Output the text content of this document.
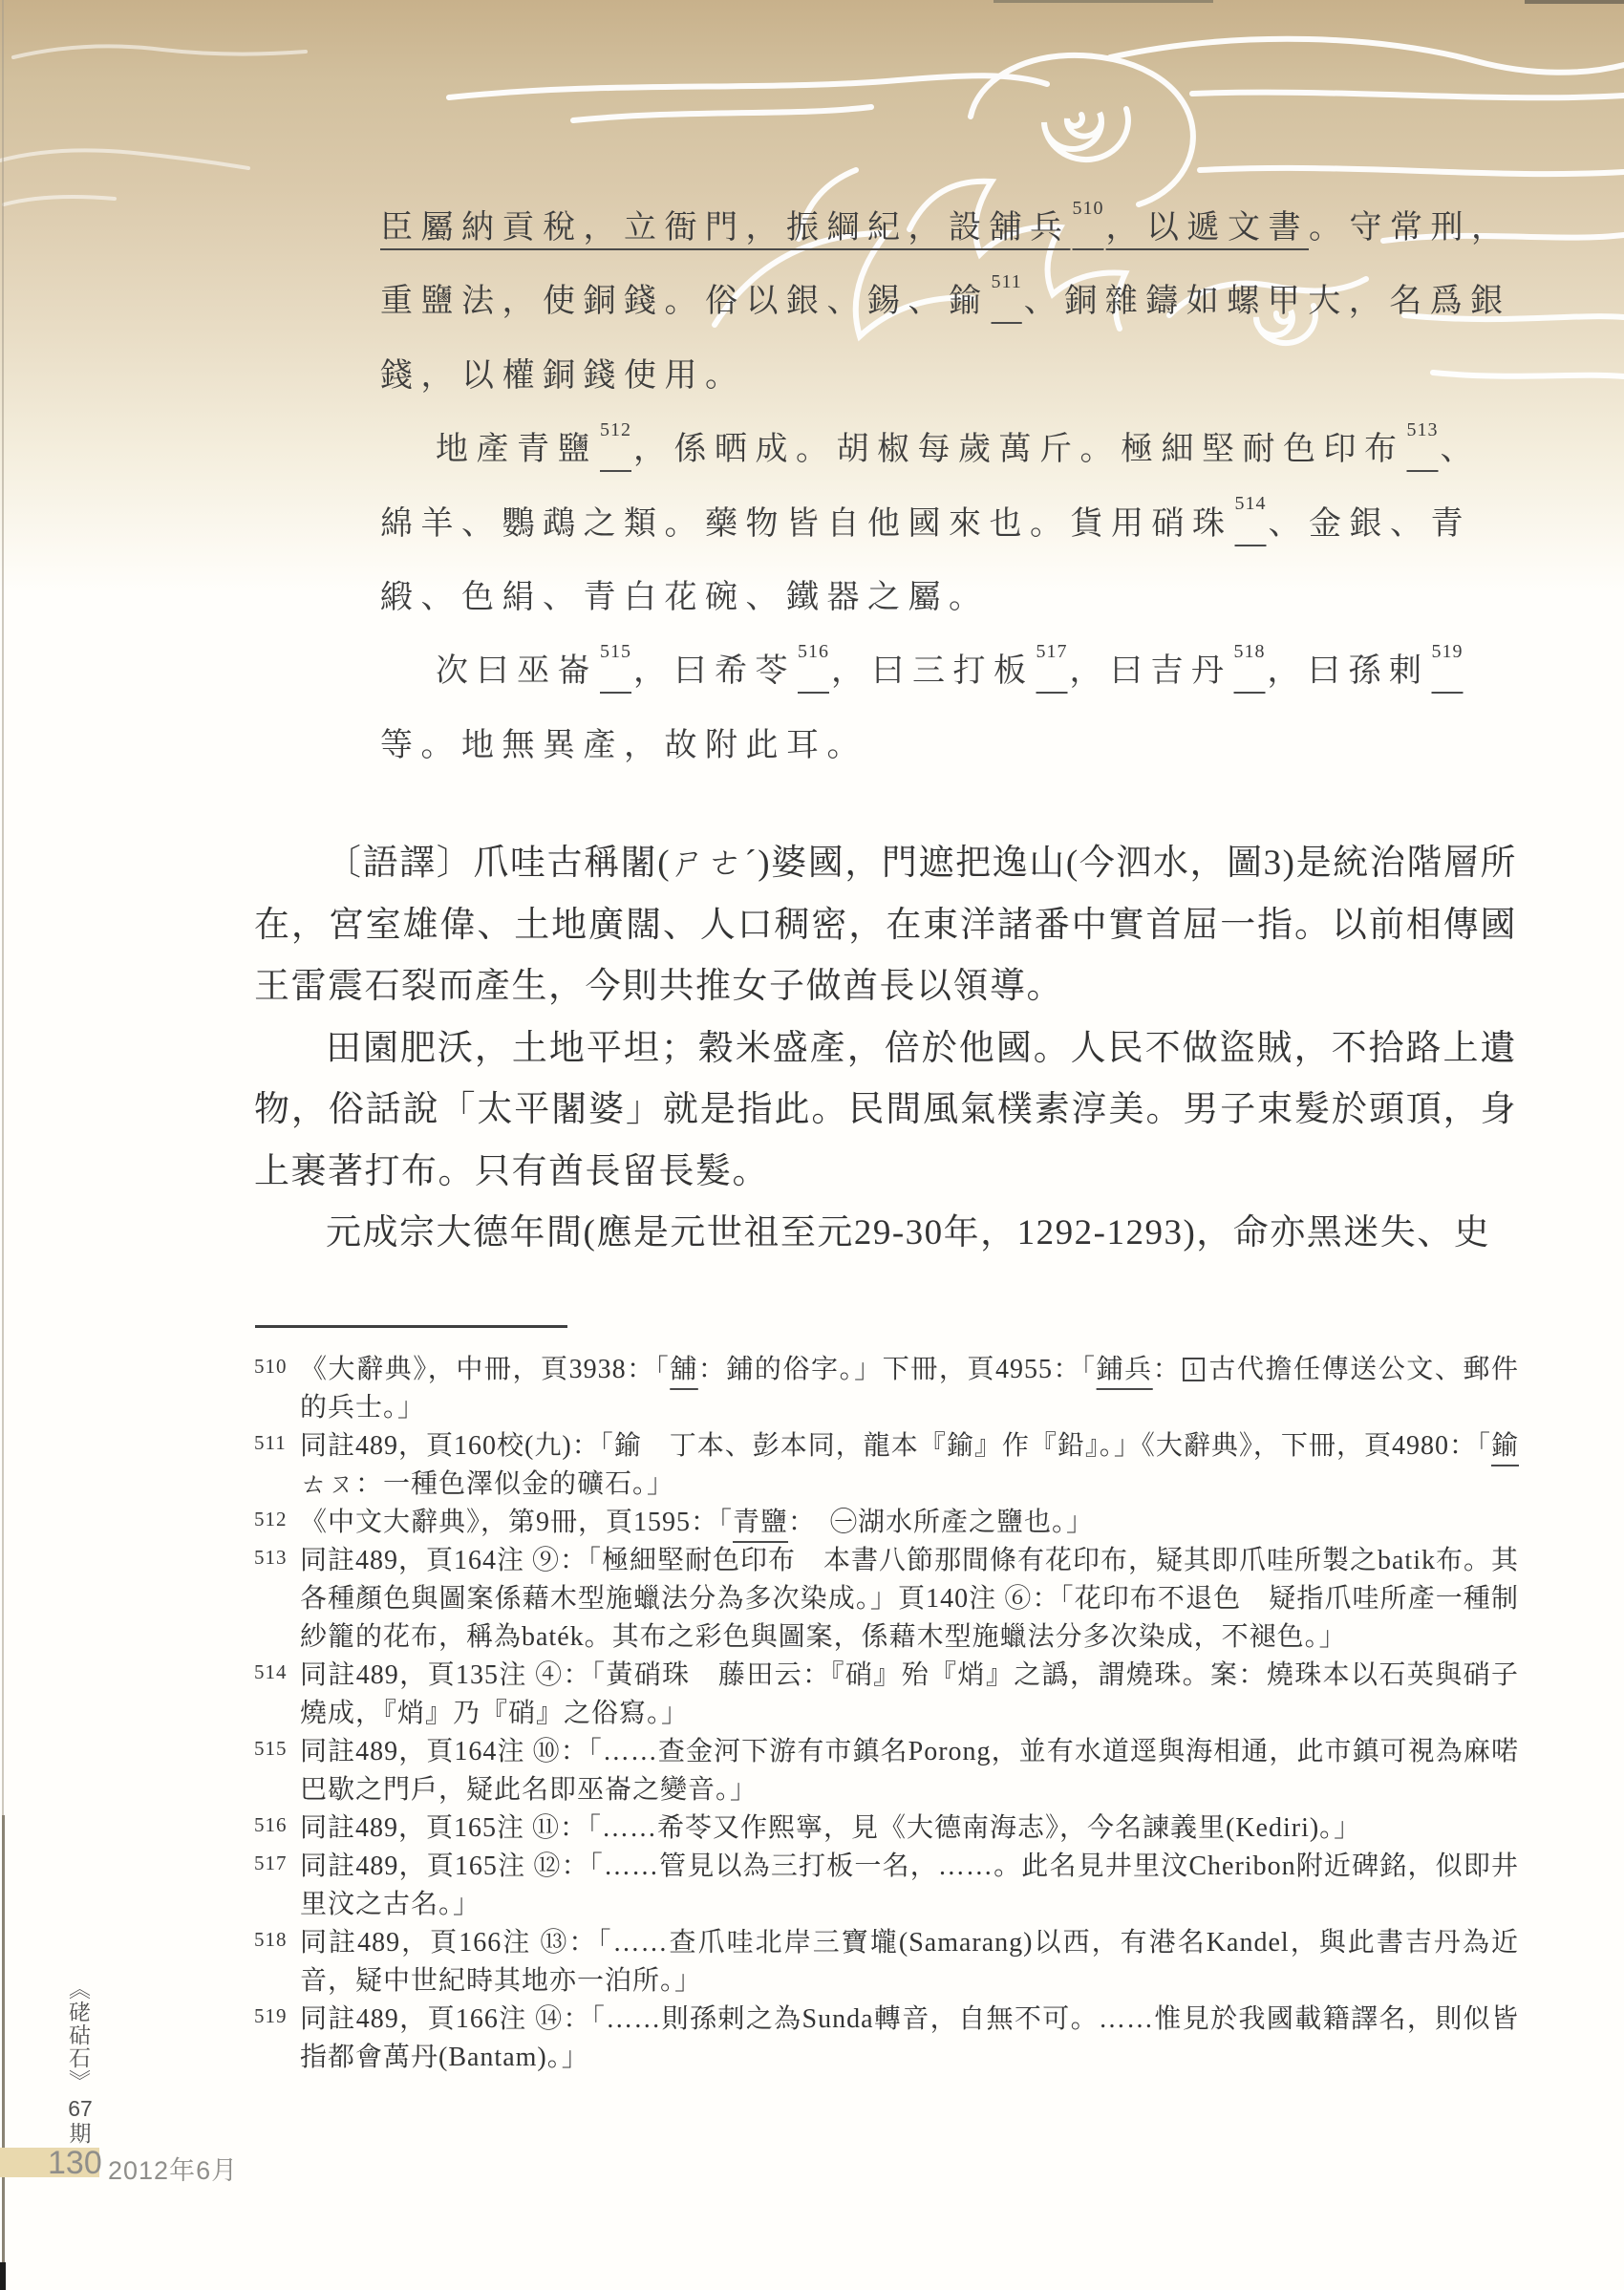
臣屬納貢稅，立衙門，振綱紀，設舖兵$^{510}$，以遞文書。守常刑，
重鹽法，使銅錢。俗以銀、錫、鍮$^{511}$、銅雜鑄如螺甲大，名爲銀
錢，以權銅錢使用。
地產青鹽$^{512}$，係晒成。胡椒每歲萬斤。極細堅耐色印布$^{513}$、
綿羊、鸚鵡之類。藥物皆自他國來也。貨用硝珠$^{514}$、金銀、青
緞、色絹、青白花碗、鐵器之屬。
次曰巫崙$^{515}$，曰希苓$^{516}$，曰三打板$^{517}$，曰吉丹$^{518}$，曰孫剌$^{519}$
等。地無異產，故附此耳。

〔語譯〕爪哇古稱闍(ㄕㄜˊ)婆國，門遮把逸山(今泗水，圖3)是統治階層所在，宮室雄偉、土地廣闊、人口稠密，在東洋諸番中實首屈一指。以前相傳國王雷震石裂而產生，今則共推女子做酋長以領導。

田園肥沃，土地平坦；穀米盛產，倍於他國。人民不做盜賊，不拾路上遺物，俗話說「太平闍婆」就是指此。民間風氣樸素淳美。男子束髮於頭頂，身上裹著打布。只有酋長留長髮。

元成宗大德年間(應是元世祖至元29-30年，1292-1293)，命亦黑迷失、史

510 《大辭典》，中冊，頁3938：「舖：鋪的俗字。」下冊，頁4955：「鋪兵： 1 古代擔任傳送公文、郵件的兵士。」
511 同註489，頁160校(九)：「鍮　丁本、彭本同，龍本『鍮』作『鉛』。」《大辭典》，下冊，頁4980：「鍮ㄊㄡ：一種色澤似金的礦石。」
512 《中文大辭典》，第9冊，頁1595：「青鹽：　㊀湖水所產之鹽也。」
513 同註489，頁164注 ⑨：「極細堅耐色印布　本書八節那間條有花印布，疑其即爪哇所製之batik布。其各種顏色與圖案係藉木型施蠟法分為多次染成。」頁140注 ⑥：「花印布不退色　疑指爪哇所產一種制紗籠的花布，稱為baték。其布之彩色與圖案，係藉木型施蠟法分多次染成，不褪色。」
514 同註489，頁135注 ④：「黃硝珠　藤田云：『硝』殆『焇』之譌，謂燒珠。案：燒珠本以石英與硝子燒成，『焇』乃『硝』之俗寫。」
515 同註489，頁164注 ⑩：「……查金河下游有市鎮名Porong，並有水道逕與海相通，此市鎮可視為麻喏巴歇之門戶，疑此名即巫崙之變音。」
516 同註489，頁165注 ⑪：「……希苓又作熙寧，見《大德南海志》，今名諫義里(Kediri)。」
517 同註489，頁165注 ⑫：「……管見以為三打板一名，……。此名見井里汶Cheribon附近碑銘，似即井里汶之古名。」
518 同註489，頁166注 ⑬：「……查爪哇北岸三寶壠(Samarang)以西，有港名Kandel，與此書吉丹為近音，疑中世紀時其地亦一泊所。」
519 同註489，頁166注 ⑭：「……則孫剌之為Sunda轉音，自無不可。……惟見於我國載籍譯名，則似皆指都會萬丹(Bantam)。」
《硓𥑮石》
67
期
130 2012年6月
